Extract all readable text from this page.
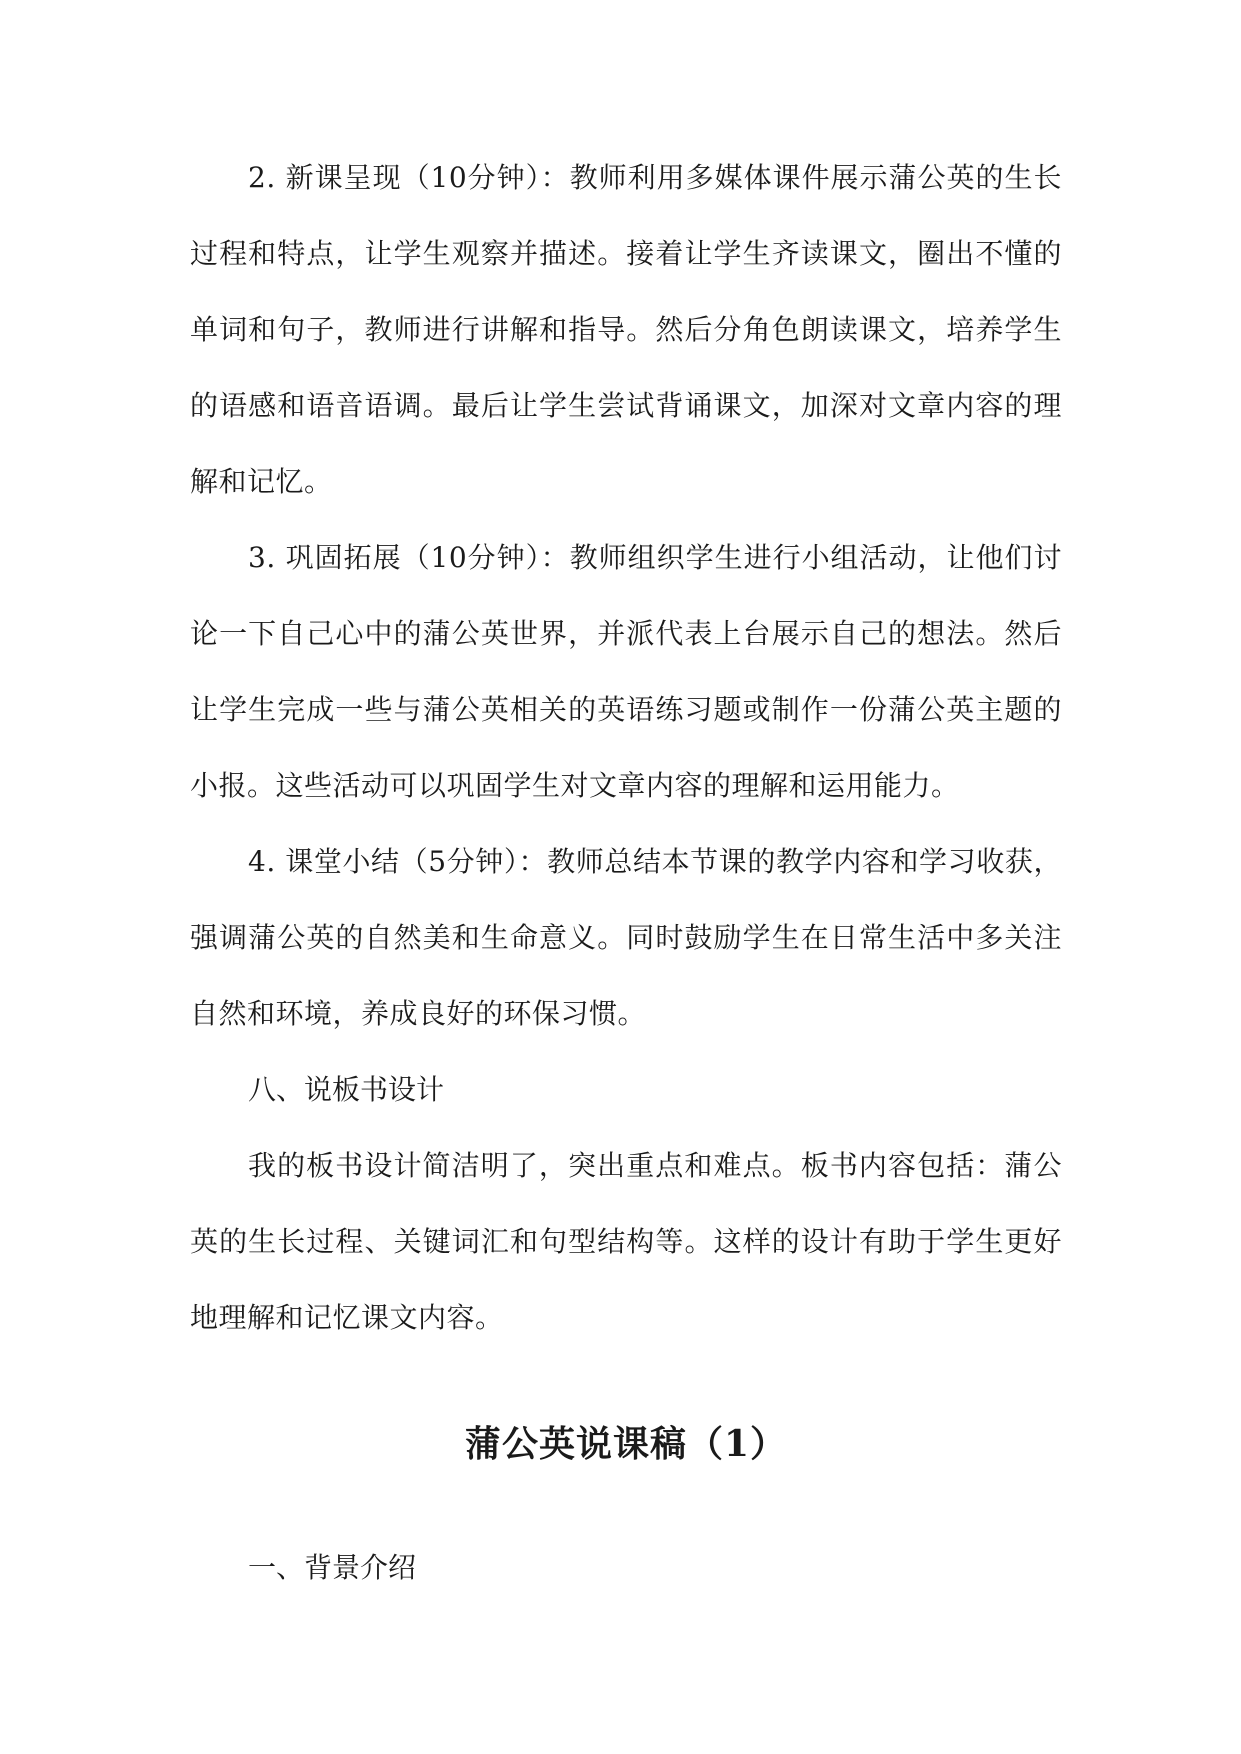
2. 新课呈现（10分钟）：教师利用多媒体课件展示蒲公英的生长过程和特点，让学生观察并描述。接着让学生齐读课文，圈出不懂的单词和句子，教师进行讲解和指导。然后分角色朗读课文，培养学生的语感和语音语调。最后让学生尝试背诵课文，加深对文章内容的理解和记忆。

3. 巩固拓展（10分钟）：教师组织学生进行小组活动，让他们讨论一下自己心中的蒲公英世界，并派代表上台展示自己的想法。然后让学生完成一些与蒲公英相关的英语练习题或制作一份蒲公英主题的小报。这些活动可以巩固学生对文章内容的理解和运用能力。

4. 课堂小结（5分钟）：教师总结本节课的教学内容和学习收获，强调蒲公英的自然美和生命意义。同时鼓励学生在日常生活中多关注自然和环境，养成良好的环保习惯。

八、说板书设计

我的板书设计简洁明了，突出重点和难点。板书内容包括：蒲公英的生长过程、关键词汇和句型结构等。这样的设计有助于学生更好地理解和记忆课文内容。

蒲公英说课稿（1）

一、背景介绍
